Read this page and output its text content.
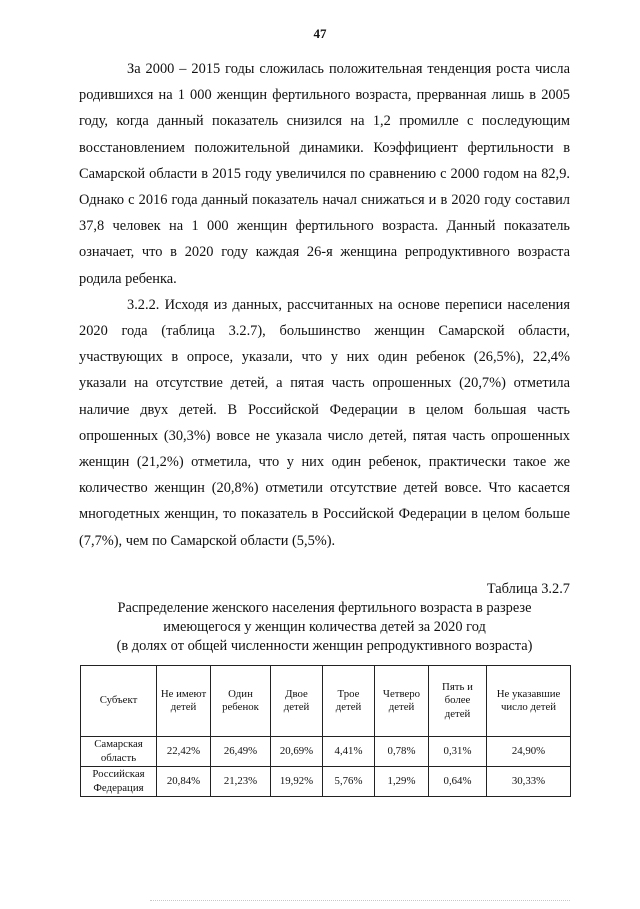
47

За 2000 – 2015 годы сложилась положительная тенденция роста числа родившихся на 1 000 женщин фертильного возраста, прерванная лишь в 2005 году, когда данный показатель снизился на 1,2 промилле с последующим восстановлением положительной динамики. Коэффициент фертильности в Самарской области в 2015 году увеличился по сравнению с 2000 годом на 82,9. Однако с 2016 года данный показатель начал снижаться и в 2020 году составил 37,8 человек на 1 000 женщин фертильного возраста. Данный показатель означает, что в 2020 году каждая 26-я женщина репродуктивного возраста родила ребенка.

3.2.2. Исходя из данных, рассчитанных на основе переписи населения 2020 года (таблица 3.2.7), большинство женщин Самарской области, участвующих в опросе, указали, что у них один ребенок (26,5%), 22,4% указали на отсутствие детей, а пятая часть опрошенных (20,7%) отметила наличие двух детей. В Российской Федерации в целом большая часть опрошенных (30,3%) вовсе не указала число детей, пятая часть опрошенных женщин (21,2%) отметила, что у них один ребенок, практически такое же количество женщин (20,8%) отметили отсутствие детей вовсе. Что касается многодетных женщин, то показатель в Российской Федерации в целом больше (7,7%), чем по Самарской области (5,5%).

Таблица 3.2.7
Распределение женского населения фертильного возраста в разрезе
имеющегося у женщин количества детей за 2020 год
(в долях от общей численности женщин репродуктивного возраста)
Субъект	Не имеют детей	Один ребенок	Двое детей	Трое детей	Четверо детей	Пять и более детей	Не указавшие число детей
Самарская область	22,42%	26,49%	20,69%	4,41%	0,78%	0,31%	24,90%
Российская Федерация	20,84%	21,23%	19,92%	5,76%	1,29%	0,64%	30,33%
